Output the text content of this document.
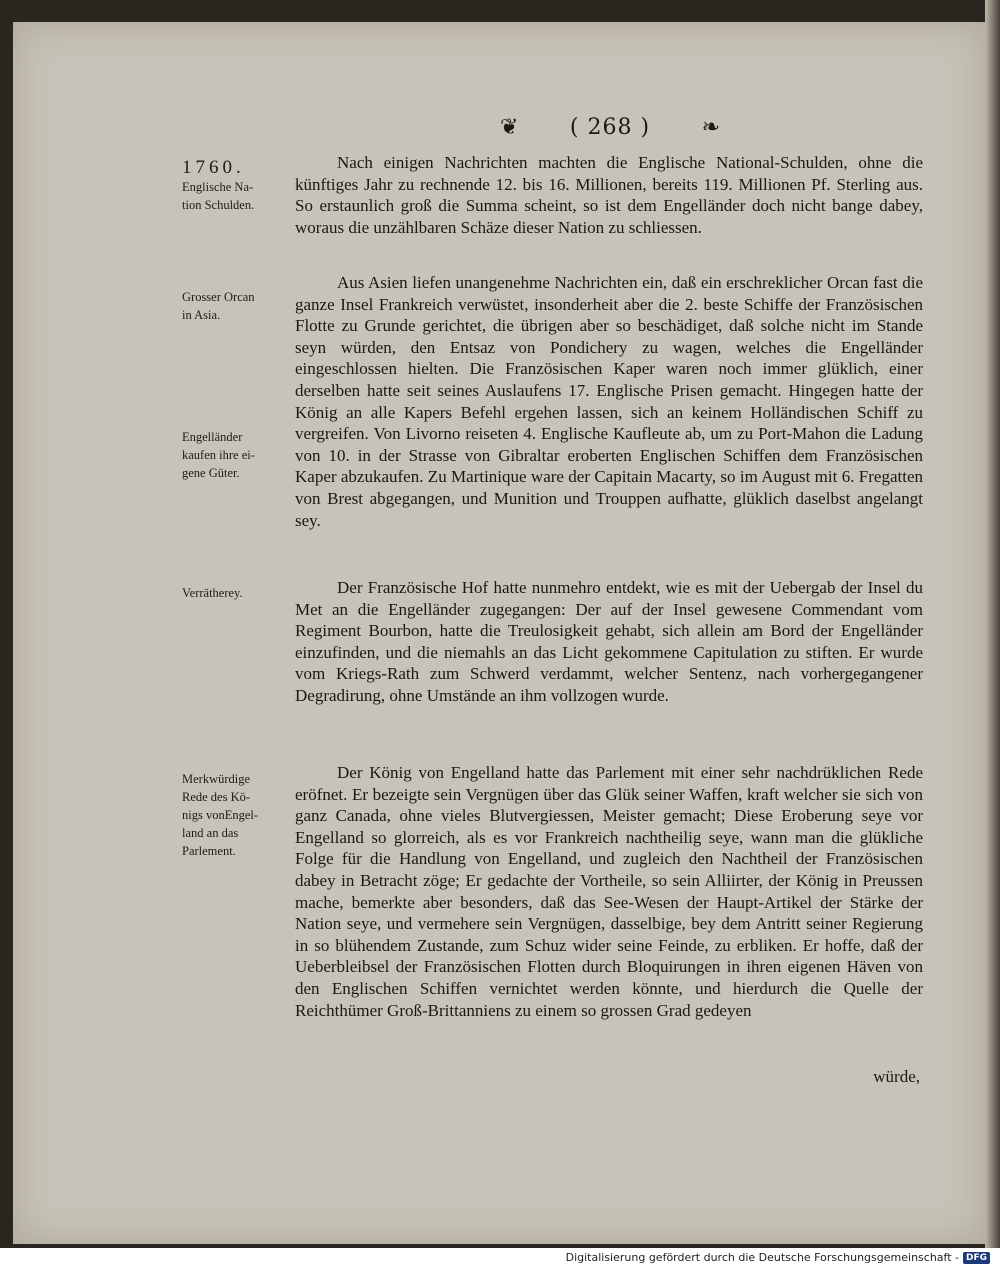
❦ ( 268 ) ❧
1760.
Englische Na-
tion Schulden.
Grosser Orcan
in Asia.
Engelländer
kaufen ihre ei-
gene Güter.
Verrätherey.
Merkwürdige
Rede des Kö-
nigs vonEngel-
land an das
Parlement.

Nach einigen Nachrichten machten die Englische National-Schulden, ohne die künftiges Jahr zu rechnende 12. bis 16. Millionen, bereits 119. Millionen Pf. Sterling aus. So erstaunlich groß die Summa scheint, so ist dem Engelländer doch nicht bange dabey, woraus die unzählbaren Schäze dieser Nation zu schliessen.

Aus Asien liefen unangenehme Nachrichten ein, daß ein erschreklicher Orcan fast die ganze Insel Frankreich verwüstet, insonderheit aber die 2. beste Schiffe der Französischen Flotte zu Grunde gerichtet, die übrigen aber so beschädiget, daß solche nicht im Stande seyn würden, den Entsaz von Pondichery zu wagen, welches die Engelländer eingeschlossen hielten. Die Französischen Kaper waren noch immer glüklich, einer derselben hatte seit seines Auslaufens 17. Englische Prisen gemacht. Hingegen hatte der König an alle Kapers Befehl ergehen lassen, sich an keinem Holländischen Schiff zu vergreifen. Von Livorno reiseten 4. Englische Kaufleute ab, um zu Port-Mahon die Ladung von 10. in der Strasse von Gibraltar eroberten Englischen Schiffen dem Französischen Kaper abzukaufen. Zu Martinique ware der Capitain Macarty, so im August mit 6. Fregatten von Brest abgegangen, und Munition und Trouppen aufhatte, glüklich daselbst angelangt sey.

Der Französische Hof hatte nunmehro entdekt, wie es mit der Uebergab der Insel du Met an die Engelländer zugegangen: Der auf der Insel gewesene Commendant vom Regiment Bourbon, hatte die Treulosigkeit gehabt, sich allein am Bord der Engelländer einzufinden, und die niemahls an das Licht gekommene Capitulation zu stiften. Er wurde vom Kriegs-Rath zum Schwerd verdammt, welcher Sentenz, nach vorhergegangener Degradirung, ohne Umstände an ihm vollzogen wurde.

Der König von Engelland hatte das Parlement mit einer sehr nachdrüklichen Rede eröfnet. Er bezeigte sein Vergnügen über das Glük seiner Waffen, kraft welcher sie sich von ganz Canada, ohne vieles Blutvergiessen, Meister gemacht; Diese Eroberung seye vor Engelland so glorreich, als es vor Frankreich nachtheilig seye, wann man die glükliche Folge für die Handlung von Engelland, und zugleich den Nachtheil der Französischen dabey in Betracht zöge; Er gedachte der Vortheile, so sein Alliirter, der König in Preussen mache, bemerkte aber besonders, daß das See-Wesen der Haupt-Artikel der Stärke der Nation seye, und vermehere sein Vergnügen, dasselbige, bey dem Antritt seiner Regierung in so blühendem Zustande, zum Schuz wider seine Feinde, zu erbliken. Er hoffe, daß der Ueberbleibsel der Französischen Flotten durch Bloquirungen in ihren eigenen Häven von den Englischen Schiffen vernichtet werden könnte, und hierdurch die Quelle der Reichthümer Groß-Brittanniens zu einem so grossen Grad gedeyen

würde,
Digitalisierung gefördert durch die Deutsche Forschungsgemeinschaft - DFG
